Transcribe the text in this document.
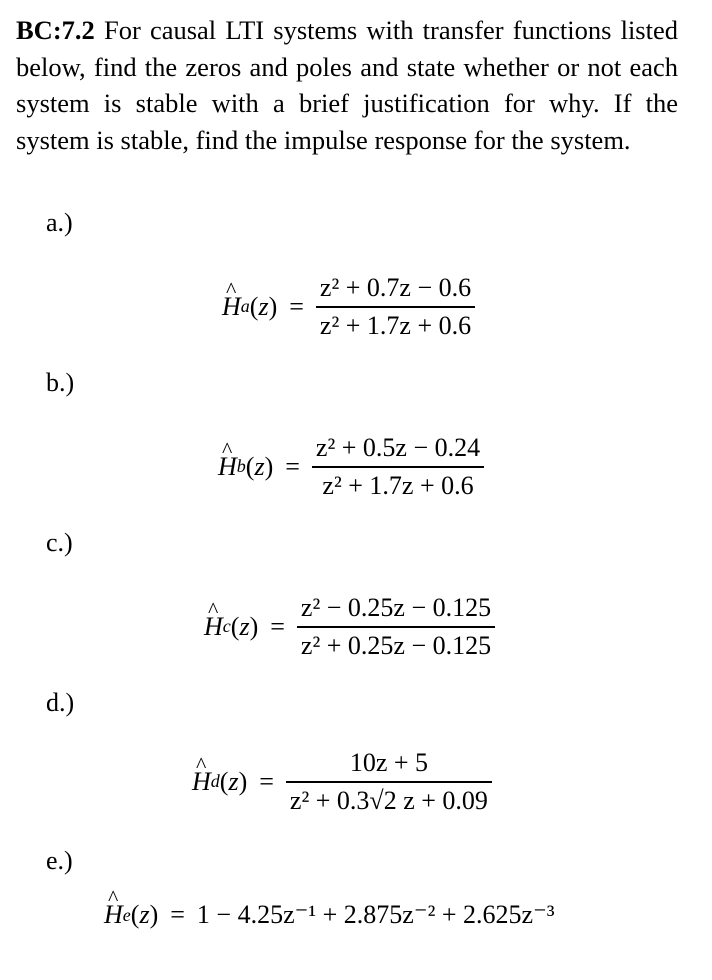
BC:7.2 For causal LTI systems with transfer functions listed below, find the zeros and poles and state whether or not each system is stable with a brief justification for why. If the system is stable, find the impulse response for the system.

a.)
^ H a $(z) = \frac{\text{z² + 0.7z − 0.6}}{\text{z² + 1.7z + 0.6}}$
b.)
^ H b $(z) = \frac{\text{z² + 0.5z − 0.24}}{\text{z² + 1.7z + 0.6}}$
c.)
^ H c $(z) = \frac{\text{z² − 0.25z − 0.125}}{\text{z² + 0.25z − 0.125}}$
d.)
^ H d $(z) = \frac{10z + 5}{\text{z² + 0.3√2 z + 0.09}}$
e.)
^ H e (z) = 1 − 4.25z⁻¹ + 2.875z⁻² + 2.625z⁻³
